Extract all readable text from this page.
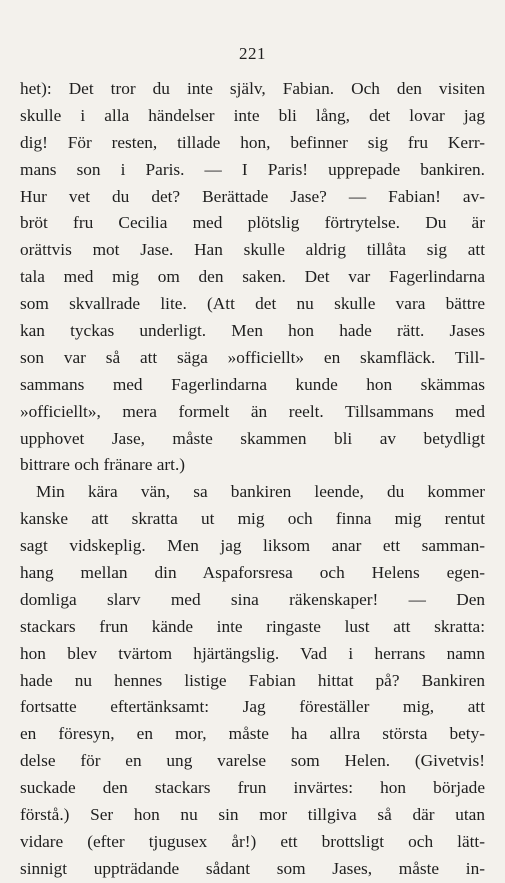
221
het): Det tror du inte själv, Fabian. Och den visiten
skulle i alla händelser inte bli lång, det lovar jag
dig! För resten, tillade hon, befinner sig fru Kerr-
mans son i Paris. — I Paris! upprepade bankiren.
Hur vet du det? Berättade Jase? — Fabian! av-
bröt fru Cecilia med plötslig förtrytelse. Du är
orättvis mot Jase. Han skulle aldrig tillåta sig att
tala med mig om den saken. Det var Fagerlindarna
som skvallrade lite. (Att det nu skulle vara bättre
kan tyckas underligt. Men hon hade rätt. Jases
son var så att säga »officiellt» en skamfläck. Till-
sammans med Fagerlindarna kunde hon skämmas
»officiellt», mera formelt än reelt. Tillsammans med
upphovet Jase, måste skammen bli av betydligt
bittrare och fränare art.)
Min kära vän, sa bankiren leende, du kommer
kanske att skratta ut mig och finna mig rentut
sagt vidskeplig. Men jag liksom anar ett samman-
hang mellan din Aspaforsresa och Helens egen-
domliga slarv med sina räkenskaper! — Den
stackars frun kände inte ringaste lust att skratta:
hon blev tvärtom hjärtängslig. Vad i herrans namn
hade nu hennes listige Fabian hittat på? Bankiren
fortsatte eftertänksamt: Jag föreställer mig, att
en föresyn, en mor, måste ha allra största bety-
delse för en ung varelse som Helen. (Givetvis!
suckade den stackars frun invärtes: hon började
förstå.) Ser hon nu sin mor tillgiva så där utan
vidare (efter tjugusex år!) ett brottsligt och lätt-
sinnigt uppträdande sådant som Jases, måste in-
